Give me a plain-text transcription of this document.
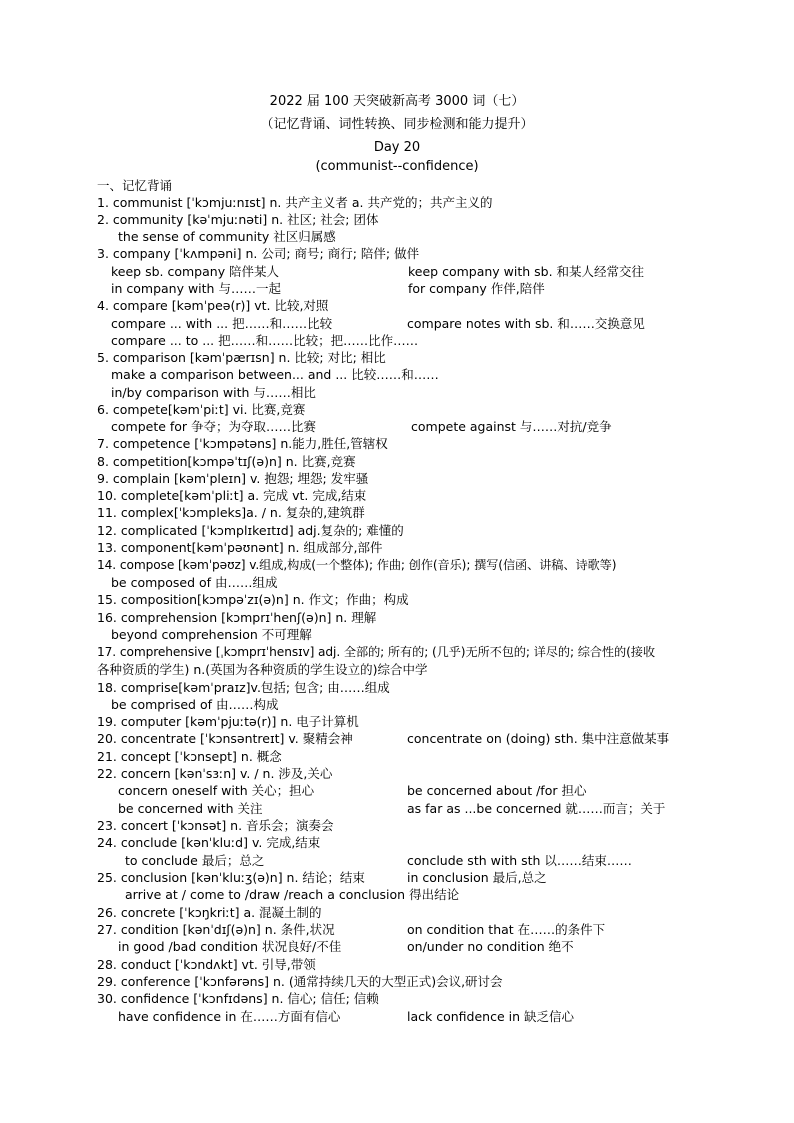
2022 届 100 天突破新高考 3000 词（七）
（记忆背诵、词性转换、同步检测和能力提升）
Day 20
(communist--confidence)
一、记忆背诵
1. communist [ˈkɔmjuːnɪst] n. 共产主义者 a. 共产党的；共产主义的
2. community [kəˈmjuːnəti] n. 社区; 社会; 团体
the sense of community 社区归属感
3. company [ˈkʌmpəni] n. 公司; 商号; 商行; 陪伴; 做伴
keep sb. company 陪伴某人	keep company with sb. 和某人经常交往
in company with 与……一起	for company 作伴,陪伴
4. compare [kəmˈpeə(r)] vt. 比较,对照
compare ... with ... 把……和……比较	compare notes with sb. 和……交换意见
compare ... to ... 把……和……比较；把……比作……
5. comparison [kəmˈpærɪsn] n. 比较; 对比; 相比
make a comparison between... and ... 比较……和……
in/by comparison with 与……相比
6. compete[kəmˈpiːt] vi. 比赛,竞赛
compete for 争夺；为夺取……比赛	compete against 与……对抗/竞争
7. competence [ˈkɔmpətəns] n.能力,胜任,管辖权
8. competition[kɔmpəˈtɪʃ(ə)n] n. 比赛,竞赛
9. complain [kəmˈpleɪn] v. 抱怨; 埋怨; 发牢骚
10. complete[kəmˈpliːt] a. 完成 vt. 完成,结束
11. complex[ˈkɔmpleks]a. / n. 复杂的,建筑群
12. complicated [ˈkɔmplɪkeɪtɪd] adj.复杂的; 难懂的
13. component[kəmˈpəʊnənt] n. 组成部分,部件
14. compose [kəmˈpəʊz] v.组成,构成(一个整体); 作曲; 创作(音乐); 撰写(信函、讲稿、诗歌等)
be composed of 由……组成
15. composition[kɔmpəˈzɪ(ə)n] n. 作文；作曲；构成
16. comprehension [kɔmprɪˈhenʃ(ə)n] n. 理解
beyond comprehension 不可理解
17. comprehensive [ˌkɔmprɪˈhensɪv] adj. 全部的; 所有的; (几乎)无所不包的; 详尽的; 综合性的(接收
各种资质的学生) n.(英国为各种资质的学生设立的)综合中学
18. comprise[kəmˈpraɪz]v.包括; 包含; 由……组成
be comprised of 由……构成
19. computer [kəmˈpjuːtə(r)] n. 电子计算机
20. concentrate [ˈkɔnsəntreɪt] v. 聚精会神	concentrate on (doing) sth. 集中注意做某事
21. concept [ˈkɔnsept] n. 概念
22. concern [kənˈsɜːn] v. / n. 涉及,关心
concern oneself with 关心；担心	be concerned about /for 担心
be concerned with 关注	as far as ...be concerned 就……而言；关于
23. concert [ˈkɔnsət] n. 音乐会；演奏会
24. conclude [kənˈkluːd] v. 完成,结束
to conclude 最后；总之	conclude sth with sth 以……结束……
25. conclusion [kənˈkluːʒ(ə)n] n. 结论；结束	in conclusion 最后,总之
arrive at / come to /draw /reach a conclusion 得出结论
26. concrete [ˈkɔŋkriːt] a. 混凝土制的
27. condition [kənˈdɪʃ(ə)n] n. 条件,状况	on condition that 在……的条件下
in good /bad condition 状况良好/不佳	on/under no condition 绝不
28. conduct [ˈkɔndʌkt] vt. 引导,带领
29. conference [ˈkɔnfərəns] n. (通常持续几天的大型正式)会议,研讨会
30. confidence [ˈkɔnfɪdəns] n. 信心; 信任; 信赖
have confidence in 在……方面有信心	lack confidence in 缺乏信心
